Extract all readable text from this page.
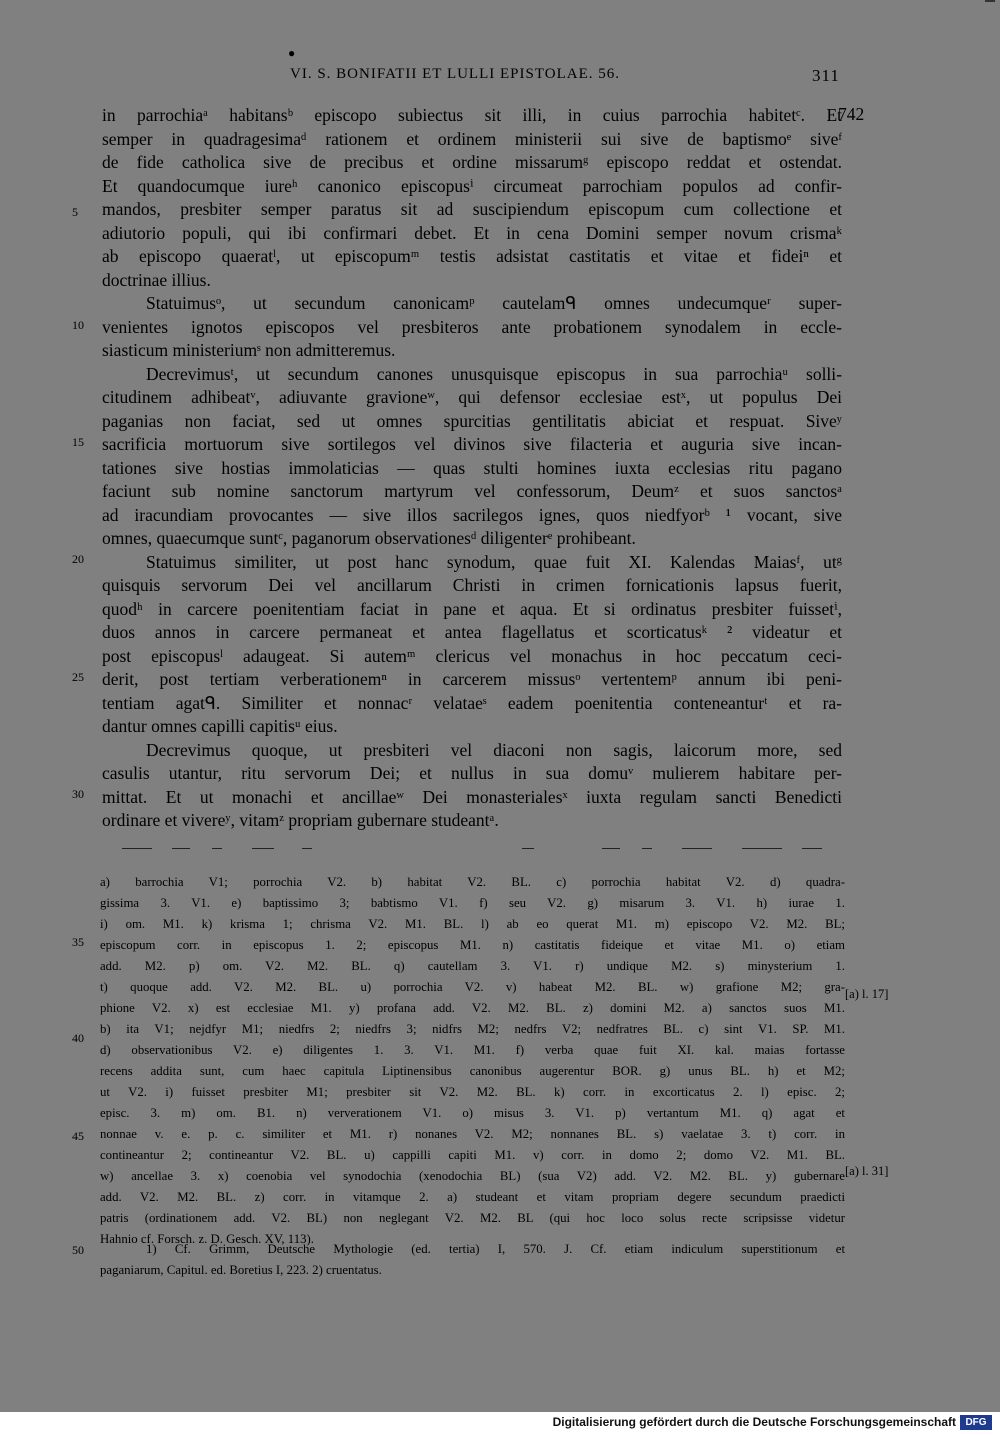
●
VI. S. BONIFATII ET LULLI EPISTOLAE. 56.	311
742
5
10
15
20
25
30
35
40
45
50
in parrochiaᵃ habitansᵇ episcopo subiectus sit illi, in cuius parrochia habitetᶜ. Et
semper in quadragesimaᵈ rationem et ordinem ministerii sui sive de baptismoᵉ siveᶠ
de fide catholica sive de precibus et ordine missarumᵍ episcopo reddat et ostendat.
Et quandocumque iureʰ canonico episcopusⁱ circumeat parrochiam populos ad confir-
mandos, presbiter semper paratus sit ad suscipiendum episcopum cum collectione et
adiutorio populi, qui ibi confirmari debet. Et in cena Domini semper novum crismaᵏ
ab episcopo quaeratˡ, ut episcopumᵐ testis adsistat castitatis et vitae et fideiⁿ et
doctrinae illius.
Statuimusᵒ, ut secundum canonicamᵖ cautelamᑫ omnes undecumqueʳ super-
venientes ignotos episcopos vel presbiteros ante probationem synodalem in eccle-
siasticum ministeriumˢ non admitteremus.
Decrevimusᵗ, ut secundum canones unusquisque episcopus in sua parrochiaᵘ solli-
citudinem adhibeatᵛ, adiuvante gravioneʷ, qui defensor ecclesiae estˣ, ut populus Dei
paganias non faciat, sed ut omnes spurcitias gentilitatis abiciat et respuat. Siveʸ
sacrificia mortuorum sive sortilegos vel divinos sive filacteria et auguria sive incan-
tationes sive hostias immolaticias — quas stulti homines iuxta ecclesias ritu pagano
faciunt sub nomine sanctorum martyrum vel confessorum, Deumᶻ et suos sanctosᵃ
ad iracundiam provocantes — sive illos sacrilegos ignes, quos niedfyorᵇ ¹ vocant, sive
omnes, quaecumque suntᶜ, paganorum observationesᵈ diligenterᵉ prohibeant.
Statuimus similiter, ut post hanc synodum, quae fuit XI. Kalendas Maiasᶠ, utᵍ
quisquis servorum Dei vel ancillarum Christi in crimen fornicationis lapsus fuerit,
quodʰ in carcere poenitentiam faciat in pane et aqua. Et si ordinatus presbiter fuissetⁱ,
duos annos in carcere permaneat et antea flagellatus et scorticatusᵏ ² videatur et
post episcopusˡ adaugeat. Si autemᵐ clericus vel monachus in hoc peccatum ceci-
derit, post tertiam verberationemⁿ in carcerem missusᵒ vertentemᵖ annum ibi peni-
tentiam agatᑫ. Similiter et nonnacʳ velataeˢ eadem poenitentia conteneanturᵗ et ra-
dantur omnes capilli capitisᵘ eius.
Decrevimus quoque, ut presbiteri vel diaconi non sagis, laicorum more, sed
casulis utantur, ritu servorum Dei; et nullus in sua domuᵛ mulierem habitare per-
mittat. Et ut monachi et ancillaeʷ Dei monasterialesˣ iuxta regulam sancti Benedicti
ordinare et vivereʸ, vitamᶻ propriam gubernare studeantᵃ.
[a) l. 17]
[a) l. 31]
a) barrochia V1; porrochia V2. b) habitat V2. BL. c) porrochia habitat V2. d) quadra-
gissima 3. V1. e) baptissimo 3; babtismo V1. f) seu V2. g) misarum 3. V1. h) iurae 1.
i) om. M1. k) krisma 1; chrisma V2. M1. BL. l) ab eo querat M1. m) episcopo V2. M2. BL;
episcopum corr. in episcopus 1. 2; episcopus M1. n) castitatis fideique et vitae M1. o) etiam
add. M2. p) om. V2. M2. BL. q) cautellam 3. V1. r) undique M2. s) minysterium 1.
t) quoque add. V2. M2. BL. u) porrochia V2. v) habeat M2. BL. w) grafione M2; gra-
phione V2. x) est ecclesiae M1. y) profana add. V2. M2. BL. z) domini M2. a) sanctos suos M1.
b) ita V1; nejdfyr M1; niedfrs 2; niedfrs 3; nidfrs M2; nedfrs V2; nedfratres BL. c) sint V1. SP. M1.
d) observationibus V2. e) diligentes 1. 3. V1. M1. f) verba quae fuit XI. kal. maias fortasse
recens addita sunt, cum haec capitula Liptinensibus canonibus augerentur BOR. g) unus BL. h) et M2;
ut V2. i) fuisset presbiter M1; presbiter sit V2. M2. BL. k) corr. in excorticatus 2. l) episc. 2;
episc. 3. m) om. B1. n) ververationem V1. o) misus 3. V1. p) vertantum M1. q) agat et
nonnae v. e. p. c. similiter et M1. r) nonanes V2. M2; nonnanes BL. s) vaelatae 3. t) corr. in
contineantur 2; contineantur V2. BL. u) cappilli capiti M1. v) corr. in domo 2; domo V2. M1. BL.
w) ancellae 3. x) coenobia vel synodochia (xenodochia BL) (sua V2) add. V2. M2. BL. y) gubernare
add. V2. M2. BL. z) corr. in vitamque 2. a) studeant et vitam propriam degere secundum praedicti
patris (ordinationem add. V2. BL) non neglegant V2. M2. BL (qui hoc loco solus recte scripsisse videtur
Hahnio cf. Forsch. z. D. Gesch. XV, 113).
1) Cf. Grimm, Deutsche Mythologie (ed. tertia) I, 570. J. Cf. etiam indiculum superstitionum et
paganiarum, Capitul. ed. Boretius I, 223. 2) cruentatus.
Digitalisierung gefördert durch die Deutsche Forschungsgemeinschaft DFG
